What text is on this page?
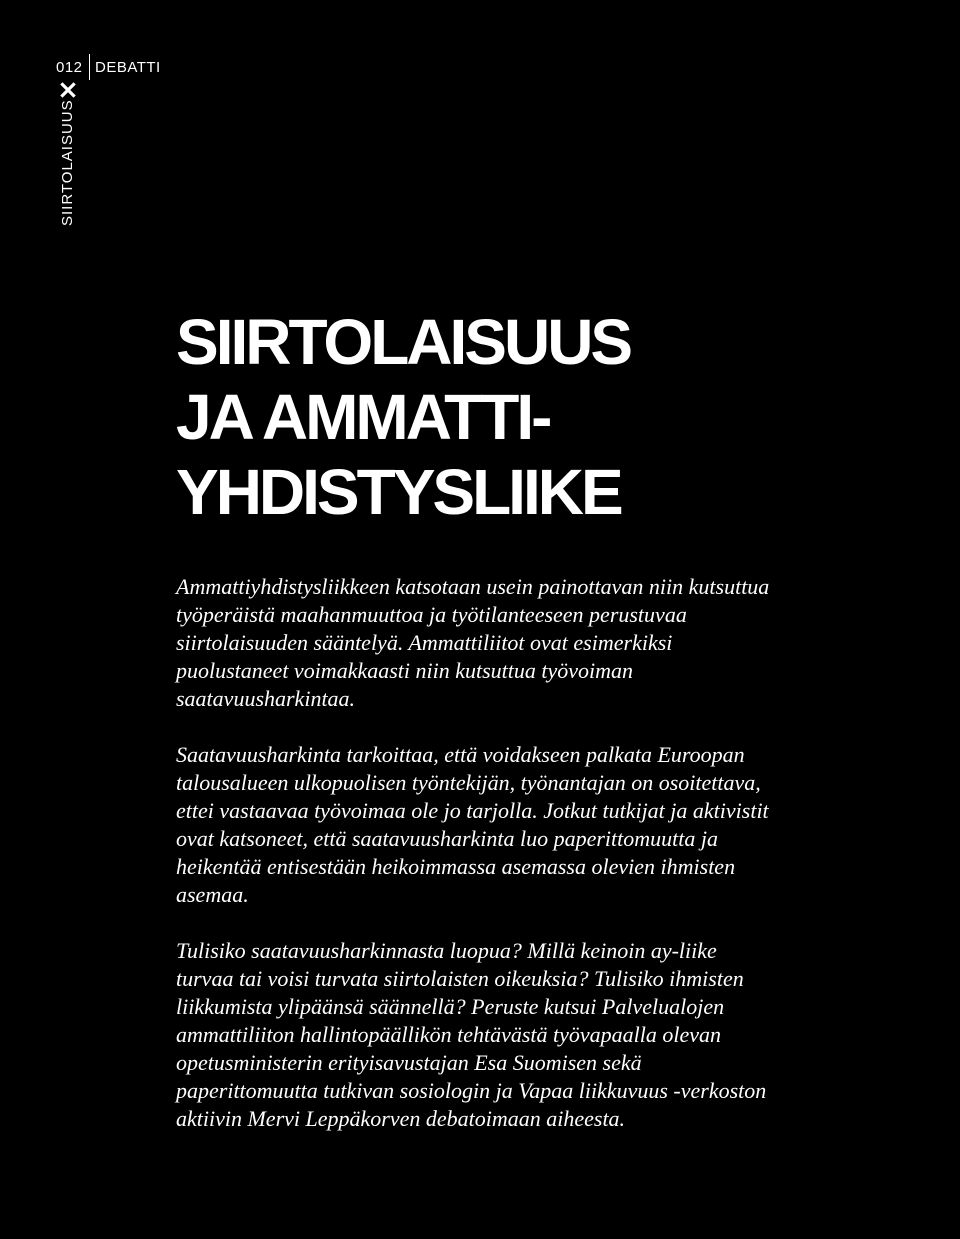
012 DEBATTI
SIIRTOLAISUUS
SIIRTOLAISUUS
JA AMMATTI-
YHDISTYSLIIKE

Ammattiyhdistysliikkeen katsotaan usein painottavan niin kutsuttua työperäistä maahanmuuttoa ja työtilanteeseen perustuvaa siirtolaisuuden sääntelyä. Ammattiliitot ovat esimerkiksi puolustaneet voimakkaasti niin kutsuttua työvoiman saatavuusharkintaa.

Saatavuusharkinta tarkoittaa, että voidakseen palkata Euroopan talousalueen ulkopuolisen työntekijän, työnantajan on osoitettava, ettei vastaavaa työvoimaa ole jo tarjolla. Jotkut tutkijat ja aktivistit ovat katsoneet, että saatavuusharkinta luo paperittomuutta ja heikentää entisestään heikoimmassa asemassa olevien ihmisten asemaa.

Tulisiko saatavuusharkinnasta luopua? Millä keinoin ay-liike turvaa tai voisi turvata siirtolaisten oikeuksia? Tulisiko ihmisten liikkumista ylipäänsä säännellä? Peruste kutsui Palvelualojen ammattiliiton hallintopäällikön tehtävästä työvapaalla olevan opetusministerin erityisavustajan Esa Suomisen sekä paperittomuutta tutkivan sosiologin ja Vapaa liikkuvuus -verkoston aktiivin Mervi Leppäkorven debatoimaan aiheesta.
